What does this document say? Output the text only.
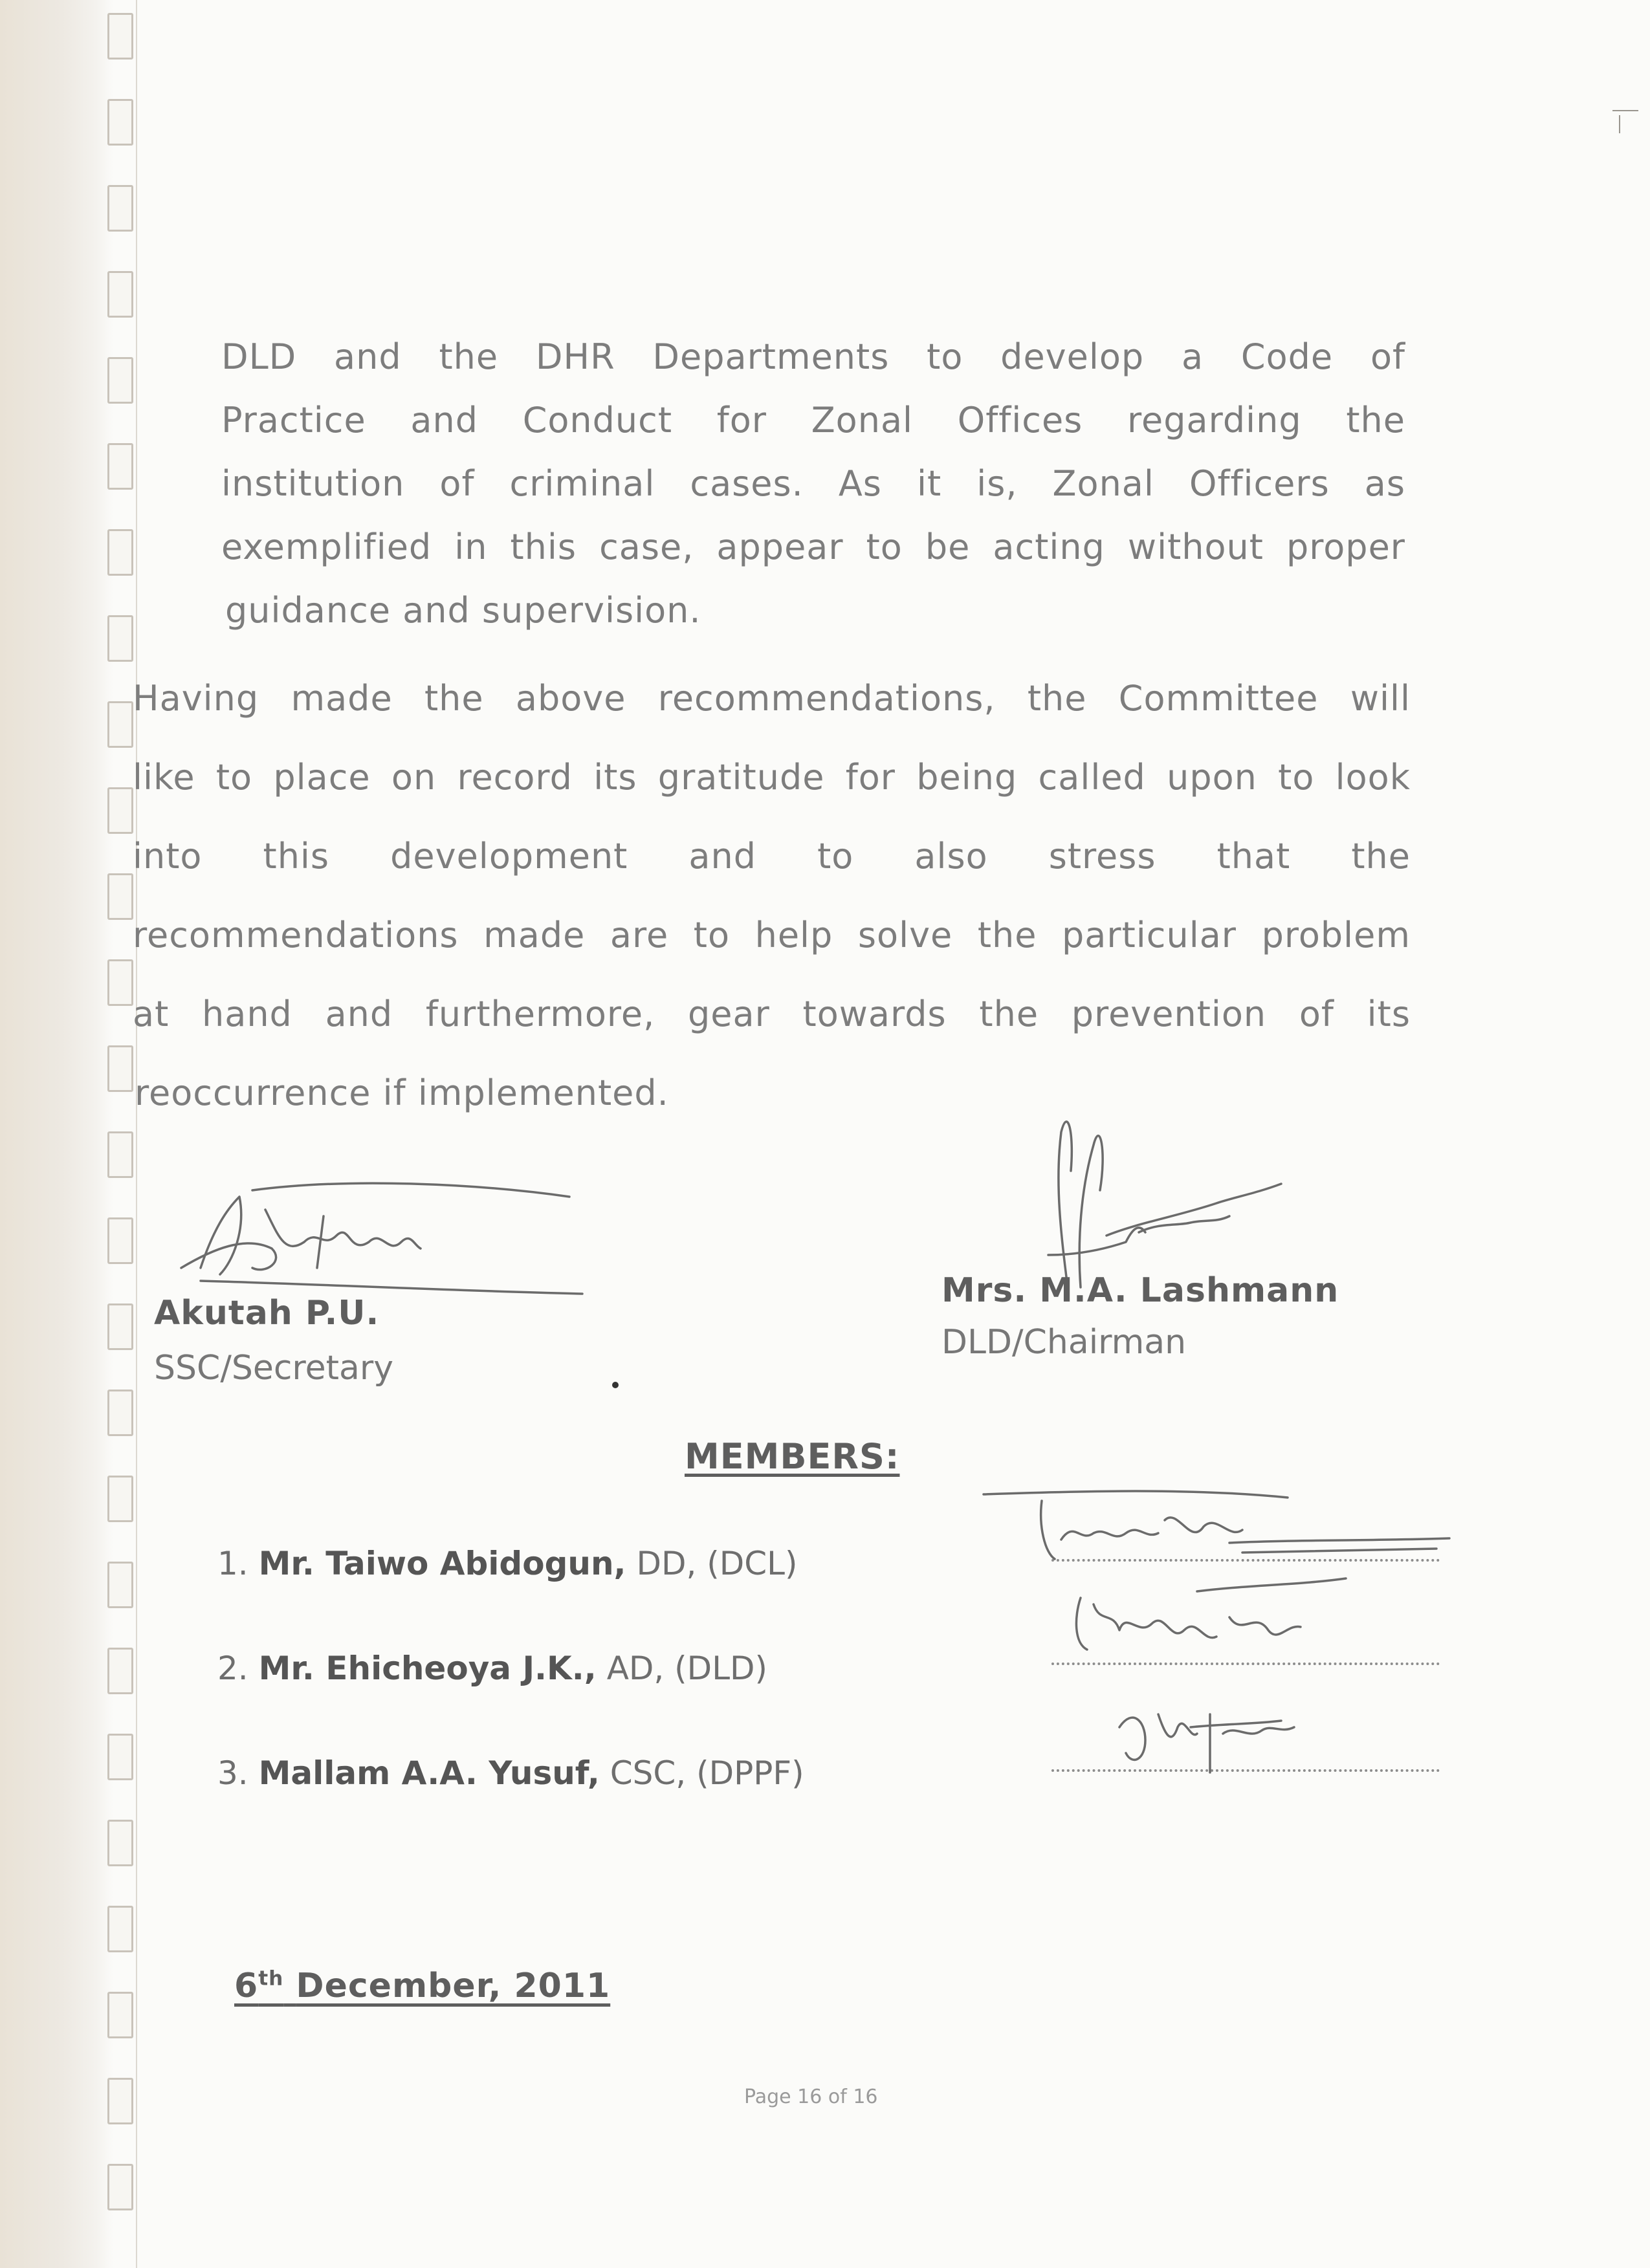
DLD and the DHR Departments to develop a Code of
Practice and Conduct for Zonal Offices regarding the
institution of criminal cases. As it is, Zonal Officers as
exemplified in this case, appear to be acting without proper
guidance and supervision.
Having made the above recommendations, the Committee will
like to place on record its gratitude for being called upon to look
into this development and to also stress that the
recommendations made are to help solve the particular problem
at hand and furthermore, gear towards the prevention of its
reoccurrence if implemented.
Akutah P.U.
SSC/Secretary
Mrs. M.A. Lashmann
DLD/Chairman
MEMBERS:
1. Mr. Taiwo Abidogun, DD, (DCL)
2. Mr. Ehicheoya J.K., AD, (DLD)
3. Mallam A.A. Yusuf, CSC, (DPPF)
6th December, 2011
Page 16 of 16
